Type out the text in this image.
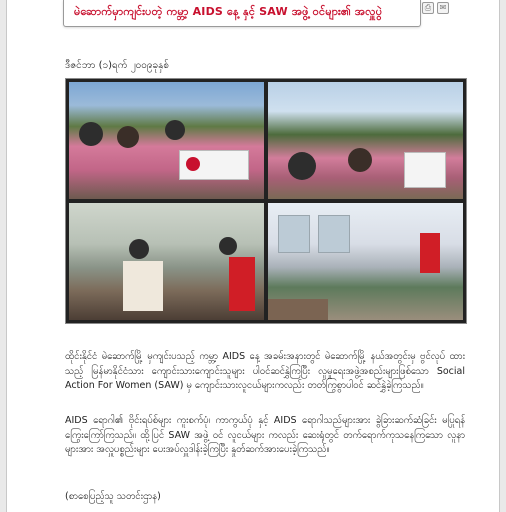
မဲဆောက်မှာကျင်းပတဲ့ ကမ္ဘာ့ AIDS နေ့ နှင့် SAW အဖွဲ့ ဝင်များ၏ အလှူပွဲ	⎙	✉
ဒီဇင်ဘာ (၁)ရက် ၂၀၀၉ခုနှစ်
ထိုင်းနိုင်ငံ မဲဆောက်မြို့ မှကျင်းပသည့် ကမ္ဘာ့ AIDS နေ့ အခမ်းအနားတွင် မဲဆောက်မြို့ နယ်အတွင်းမှ ဗွင်လုပ် ထားသည့် မြန်မာနိုင်ငံသား ကျောင်းသားကျောင်းသူများ ပါဝင်ဆင်နွှဲကြပြီး လူမှုရေးအဖွဲ့အစည်းများဖြစ်သော Social Action For Women (SAW) မှ ကျောင်းသားလူငယ်များကလည်း တတ်ကြွစွာပါဝင် ဆင်နွှဲခဲ့ကြသည်။
AIDS ရောဂါ၏ ဗိုင်းရပ်စ်များ ကူးစက်ပုံ၊ ကာကွယ်ပုံ နှင့် AIDS ရောဂါသည်များအား ခွဲခြားဆက်ဆံခြင်း မပြုရန် ကြွေးကြော်ကြသည်။ ထို့ပြင် SAW အဖွဲ့ ဝင် လူငယ်များ ကလည်း ဆေးရုံတွင် တက်ရောက်ကုသနေကြသော လူနာများအား အလှူပစ္စည်းများ ပေးအပ်လှူဒါန်းခဲ့ကြပြီး နှုတ်ဆက်အားပေးခဲ့ကြသည်။
(စာစေပြည့်သူ သတင်းဌာန)
